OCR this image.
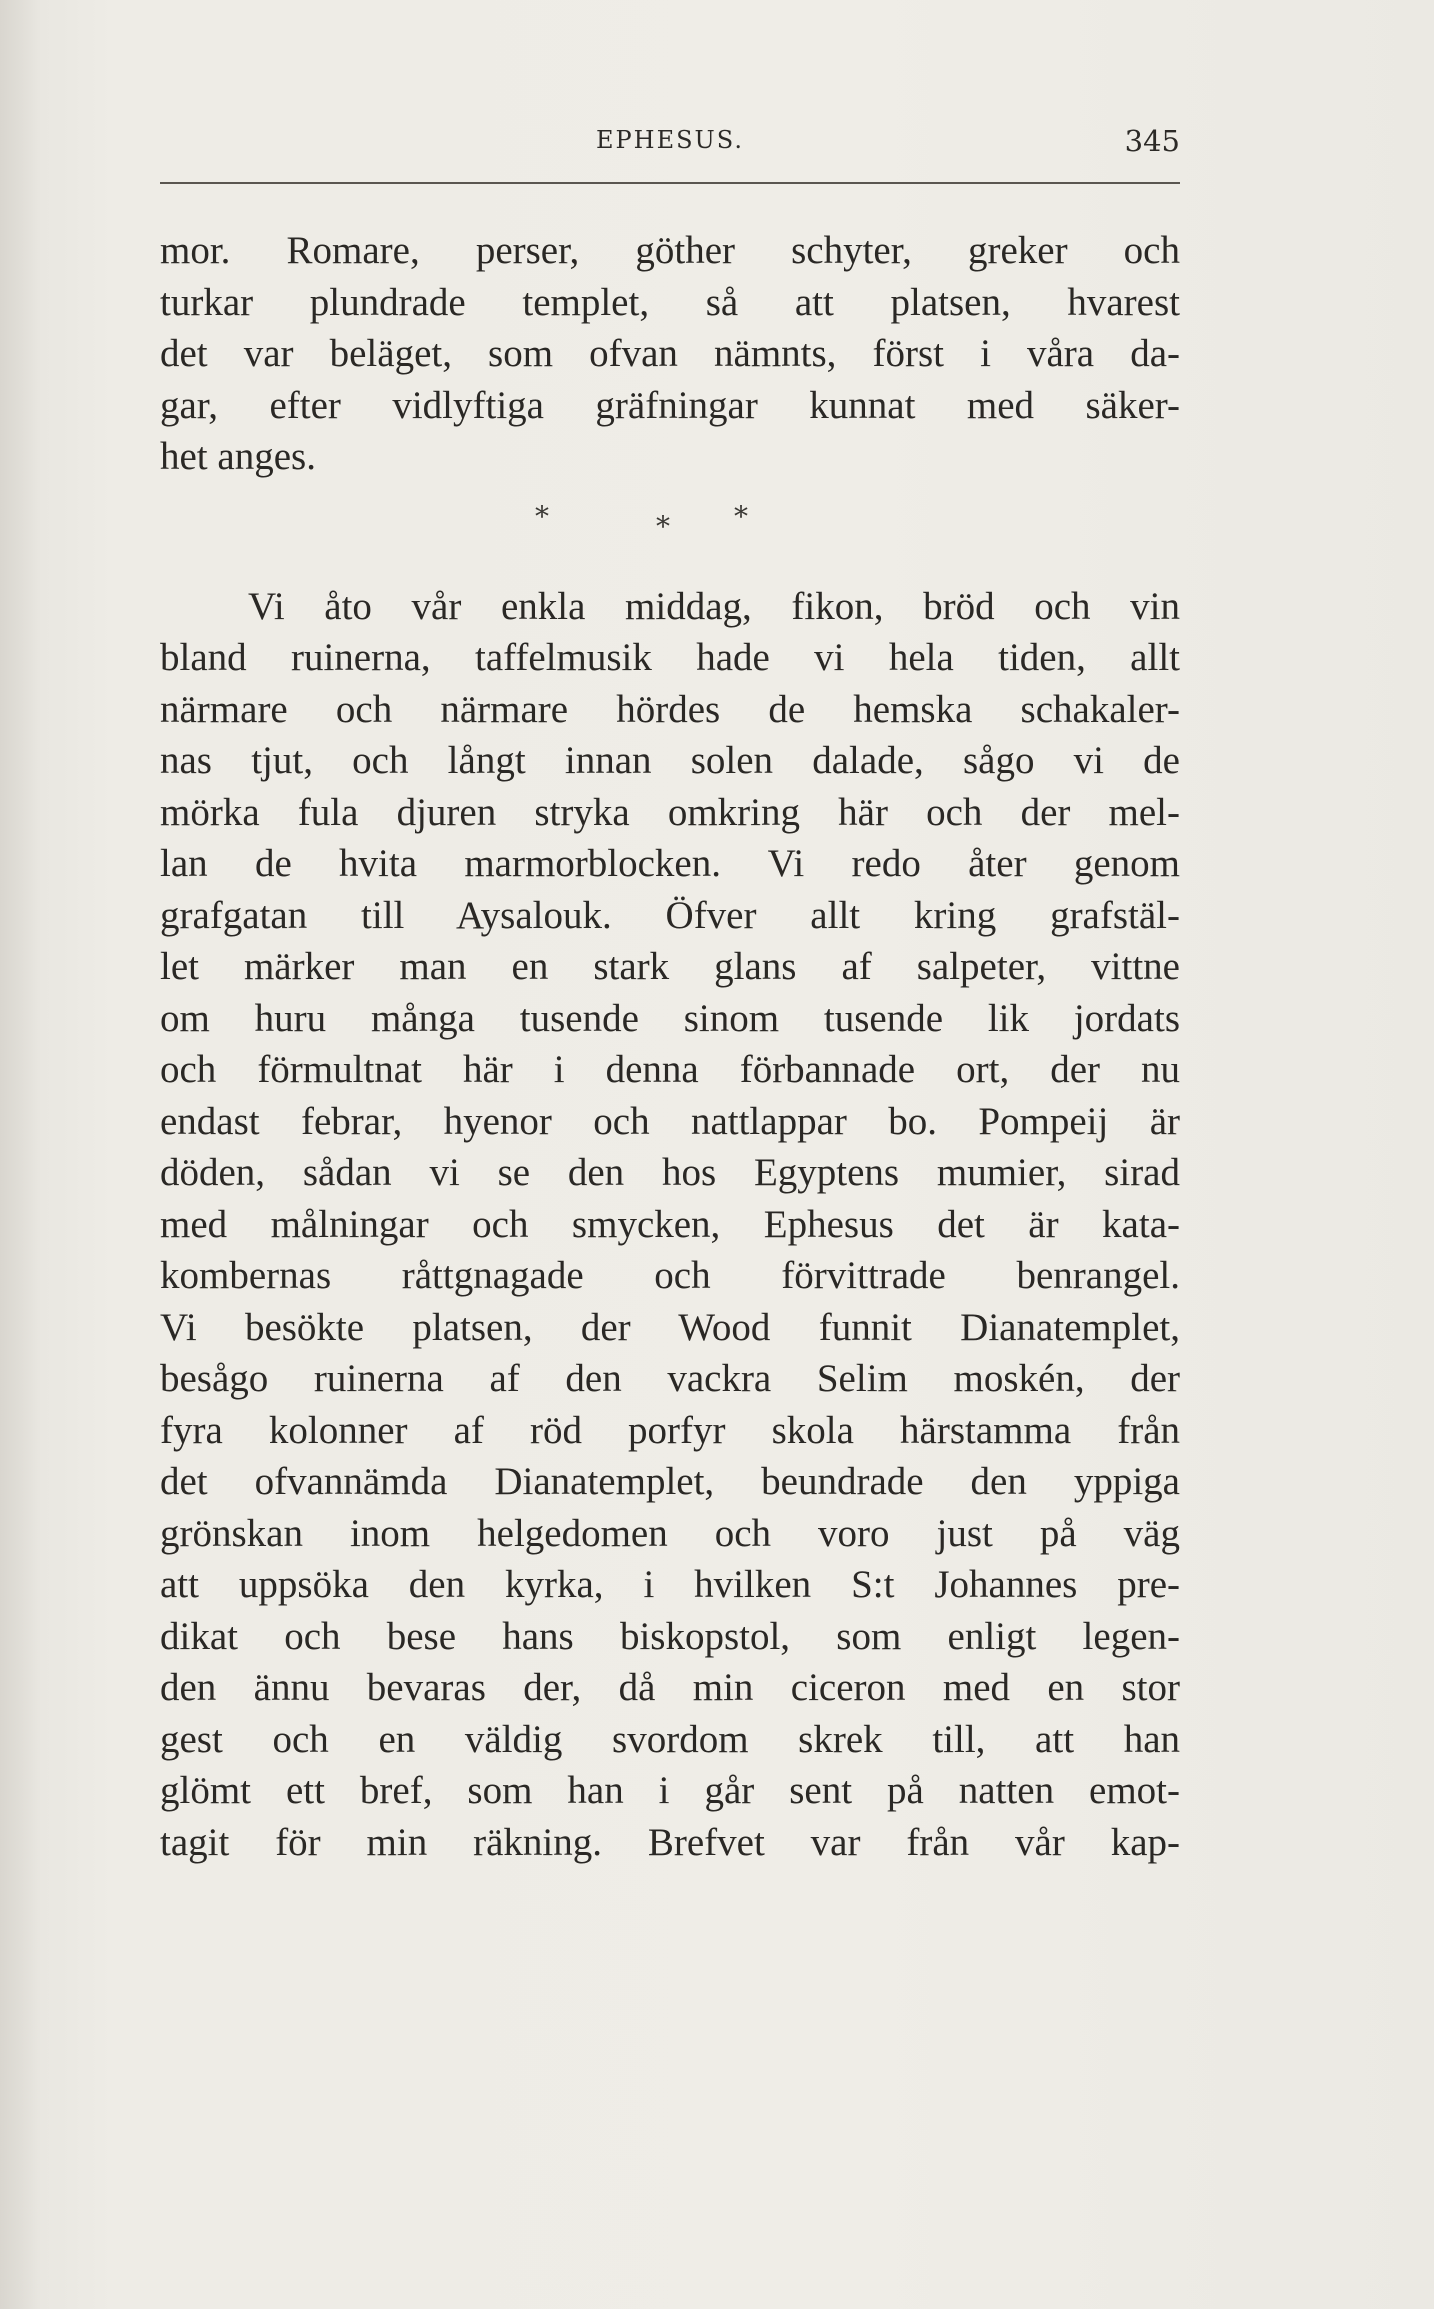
EPHESUS.	345
mor. Romare, perser, göther schyter, greker och
turkar plundrade templet, så att platsen, hvarest
det var beläget, som ofvan nämnts, först i våra da-
gar, efter vidlyftiga gräfningar kunnat med säker-
het anges.
*	* *
Vi åto vår enkla middag, fikon, bröd och vin
bland ruinerna, taffelmusik hade vi hela tiden, allt
närmare och närmare hördes de hemska schakaler-
nas tjut, och långt innan solen dalade, sågo vi de
mörka fula djuren stryka omkring här och der mel-
lan de hvita marmorblocken. Vi redo åter genom
grafgatan till Aysalouk. Öfver allt kring grafstäl-
let märker man en stark glans af salpeter, vittne
om huru många tusende sinom tusende lik jordats
och förmultnat här i denna förbannade ort, der nu
endast febrar, hyenor och nattlappar bo. Pompeij är
döden, sådan vi se den hos Egyptens mumier, sirad
med målningar och smycken, Ephesus det är kata-
kombernas råttgnagade och förvittrade benrangel.
Vi besökte platsen, der Wood funnit Dianatemplet,
besågo ruinerna af den vackra Selim moskén, der
fyra kolonner af röd porfyr skola härstamma från
det ofvannämda Dianatemplet, beundrade den yppiga
grönskan inom helgedomen och voro just på väg
att uppsöka den kyrka, i hvilken S:t Johannes pre-
dikat och bese hans biskopstol, som enligt legen-
den ännu bevaras der, då min ciceron med en stor
gest och en väldig svordom skrek till, att han
glömt ett bref, som han i går sent på natten emot-
tagit för min räkning. Brefvet var från vår kap-
